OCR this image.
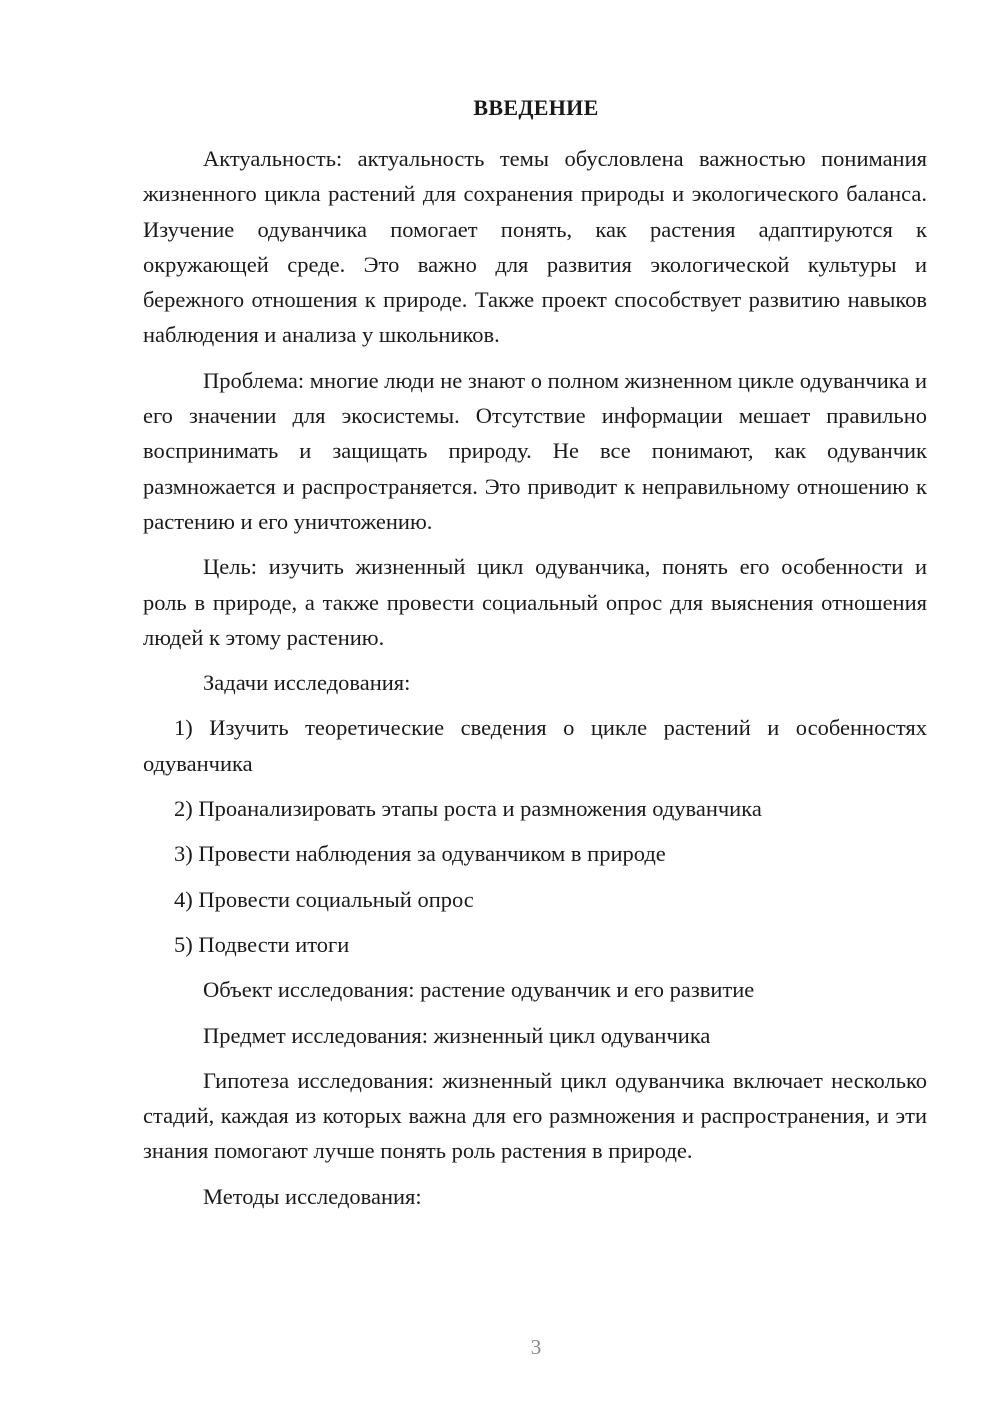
ВВЕДЕНИЕ

Актуальность: актуальность темы обусловлена важностью понимания жизненного цикла растений для сохранения природы и экологического баланса. Изучение одуванчика помогает понять, как растения адаптируются к окружающей среде. Это важно для развития экологической культуры и бережного отношения к природе. Также проект способствует развитию навыков наблюдения и анализа у школьников.

Проблема: многие люди не знают о полном жизненном цикле одуванчика и его значении для экосистемы. Отсутствие информации мешает правильно воспринимать и защищать природу. Не все понимают, как одуванчик размножается и распространяется. Это приводит к неправильному отношению к растению и его уничтожению.

Цель: изучить жизненный цикл одуванчика, понять его особенности и роль в природе, а также провести социальный опрос для выяснения отношения людей к этому растению.

Задачи исследования:

1) Изучить теоретические сведения о цикле растений и особенностях одуванчика

2) Проанализировать этапы роста и размножения одуванчика

3) Провести наблюдения за одуванчиком в природе

4) Провести социальный опрос

5) Подвести итоги

Объект исследования: растение одуванчик и его развитие

Предмет исследования: жизненный цикл одуванчика

Гипотеза исследования: жизненный цикл одуванчика включает несколько стадий, каждая из которых важна для его размножения и распространения, и эти знания помогают лучше понять роль растения в природе.

Методы исследования:

3
